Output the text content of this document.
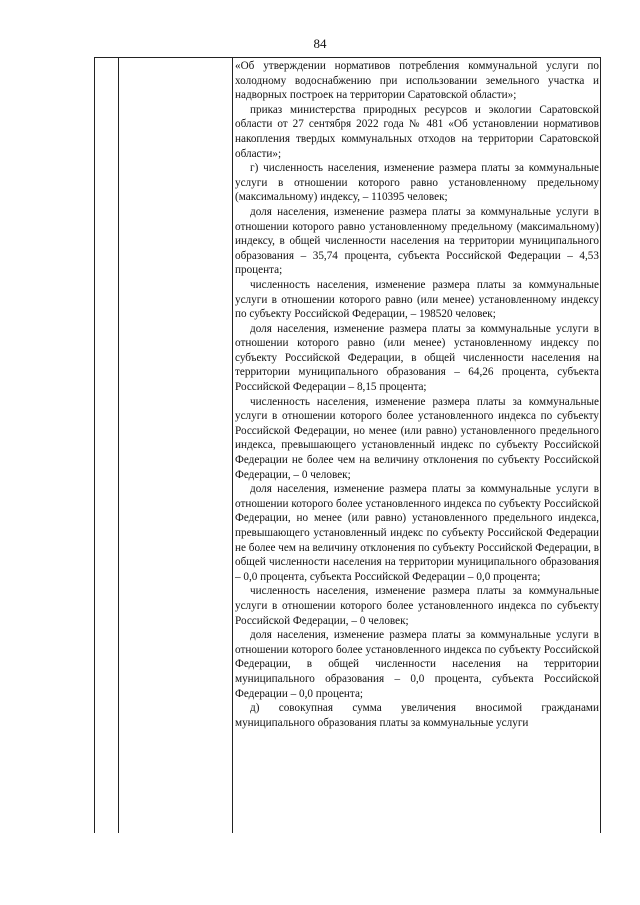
84

«Об утверждении нормативов потребления коммунальной услуги по холодному водоснабжению при использовании земельного участка и надворных построек на территории Саратовской области»;

приказ министерства природных ресурсов и экологии Саратовской области от 27 сентября 2022 года № 481 «Об установлении нормативов накопления твердых коммунальных отходов на территории Саратовской области»;

г) численность населения, изменение размера платы за коммунальные услуги в отношении которого равно установленному предельному (максимальному) индексу, – 110395 человек;

доля населения, изменение размера платы за коммунальные услуги в отношении которого равно установленному предельному (максимальному) индексу, в общей численности населения на территории муниципального образования – 35,74 процента, субъекта Российской Федерации – 4,53 процента;

численность населения, изменение размера платы за коммунальные услуги в отношении которого равно (или менее) установленному индексу по субъекту Российской Федерации, – 198520 человек;

доля населения, изменение размера платы за коммунальные услуги в отношении которого равно (или менее) установленному индексу по субъекту Российской Федерации, в общей численности населения на территории муниципального образования – 64,26 процента, субъекта Российской Федерации – 8,15 процента;

численность населения, изменение размера платы за коммунальные услуги в отношении которого более установленного индекса по субъекту Российской Федерации, но менее (или равно) установленного предельного индекса, превышающего установленный индекс по субъекту Российской Федерации не более чем на величину отклонения по субъекту Российской Федерации, – 0 человек;

доля населения, изменение размера платы за коммунальные услуги в отношении которого более установленного индекса по субъекту Российской Федерации, но менее (или равно) установленного предельного индекса, превышающего установленный индекс по субъекту Российской Федерации не более чем на величину отклонения по субъекту Российской Федерации, в общей численности населения на территории муниципального образования – 0,0 процента, субъекта Российской Федерации – 0,0 процента;

численность населения, изменение размера платы за коммунальные услуги в отношении которого более установленного индекса по субъекту Российской Федерации, – 0 человек;

доля населения, изменение размера платы за коммунальные услуги в отношении которого более установленного индекса по субъекту Российской Федерации, в общей численности населения на территории муниципального образования – 0,0 процента, субъекта Российской Федерации – 0,0 процента;

д) совокупная сумма увеличения вносимой гражданами муниципального образования платы за коммунальные услуги
